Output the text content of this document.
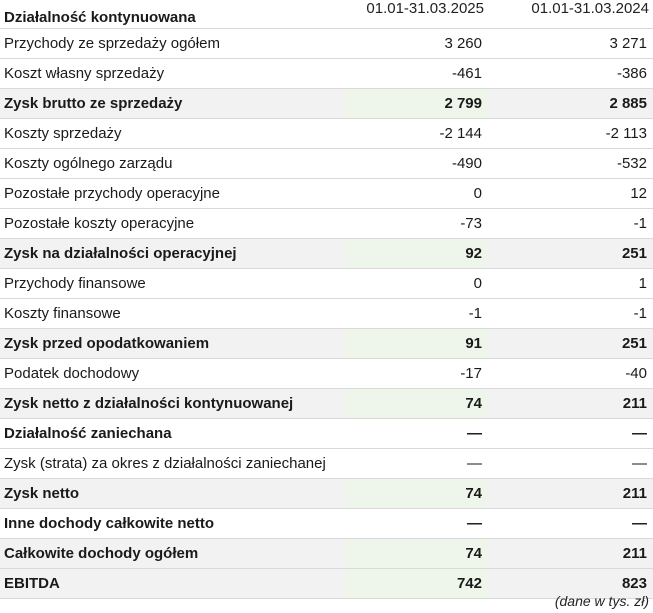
Działalność kontynuowana	01.01-31.03.2025		01.01-31.03.2024
Przychody ze sprzedaży ogółem	3 260		3 271
Koszt własny sprzedaży	-461		-386
Zysk brutto ze sprzedaży	2 799		2 885
Koszty sprzedaży	-2 144		-2 113
Koszty ogólnego zarządu	-490		-532
Pozostałe przychody operacyjne	0		12
Pozostałe koszty operacyjne	-73		-1
Zysk na działalności operacyjnej	92		251
Przychody finansowe	0		1
Koszty finansowe	-1		-1
Zysk przed opodatkowaniem	91		251
Podatek dochodowy	-17		-40
Zysk netto z działalności kontynuowanej	74		211
Działalność zaniechana	—		—
Zysk (strata) za okres z działalności zaniechanej	—		—
Zysk netto	74		211
Inne dochody całkowite netto	—		—
Całkowite dochody ogółem	74		211
EBITDA	742		823
(dane w tys. zł)
